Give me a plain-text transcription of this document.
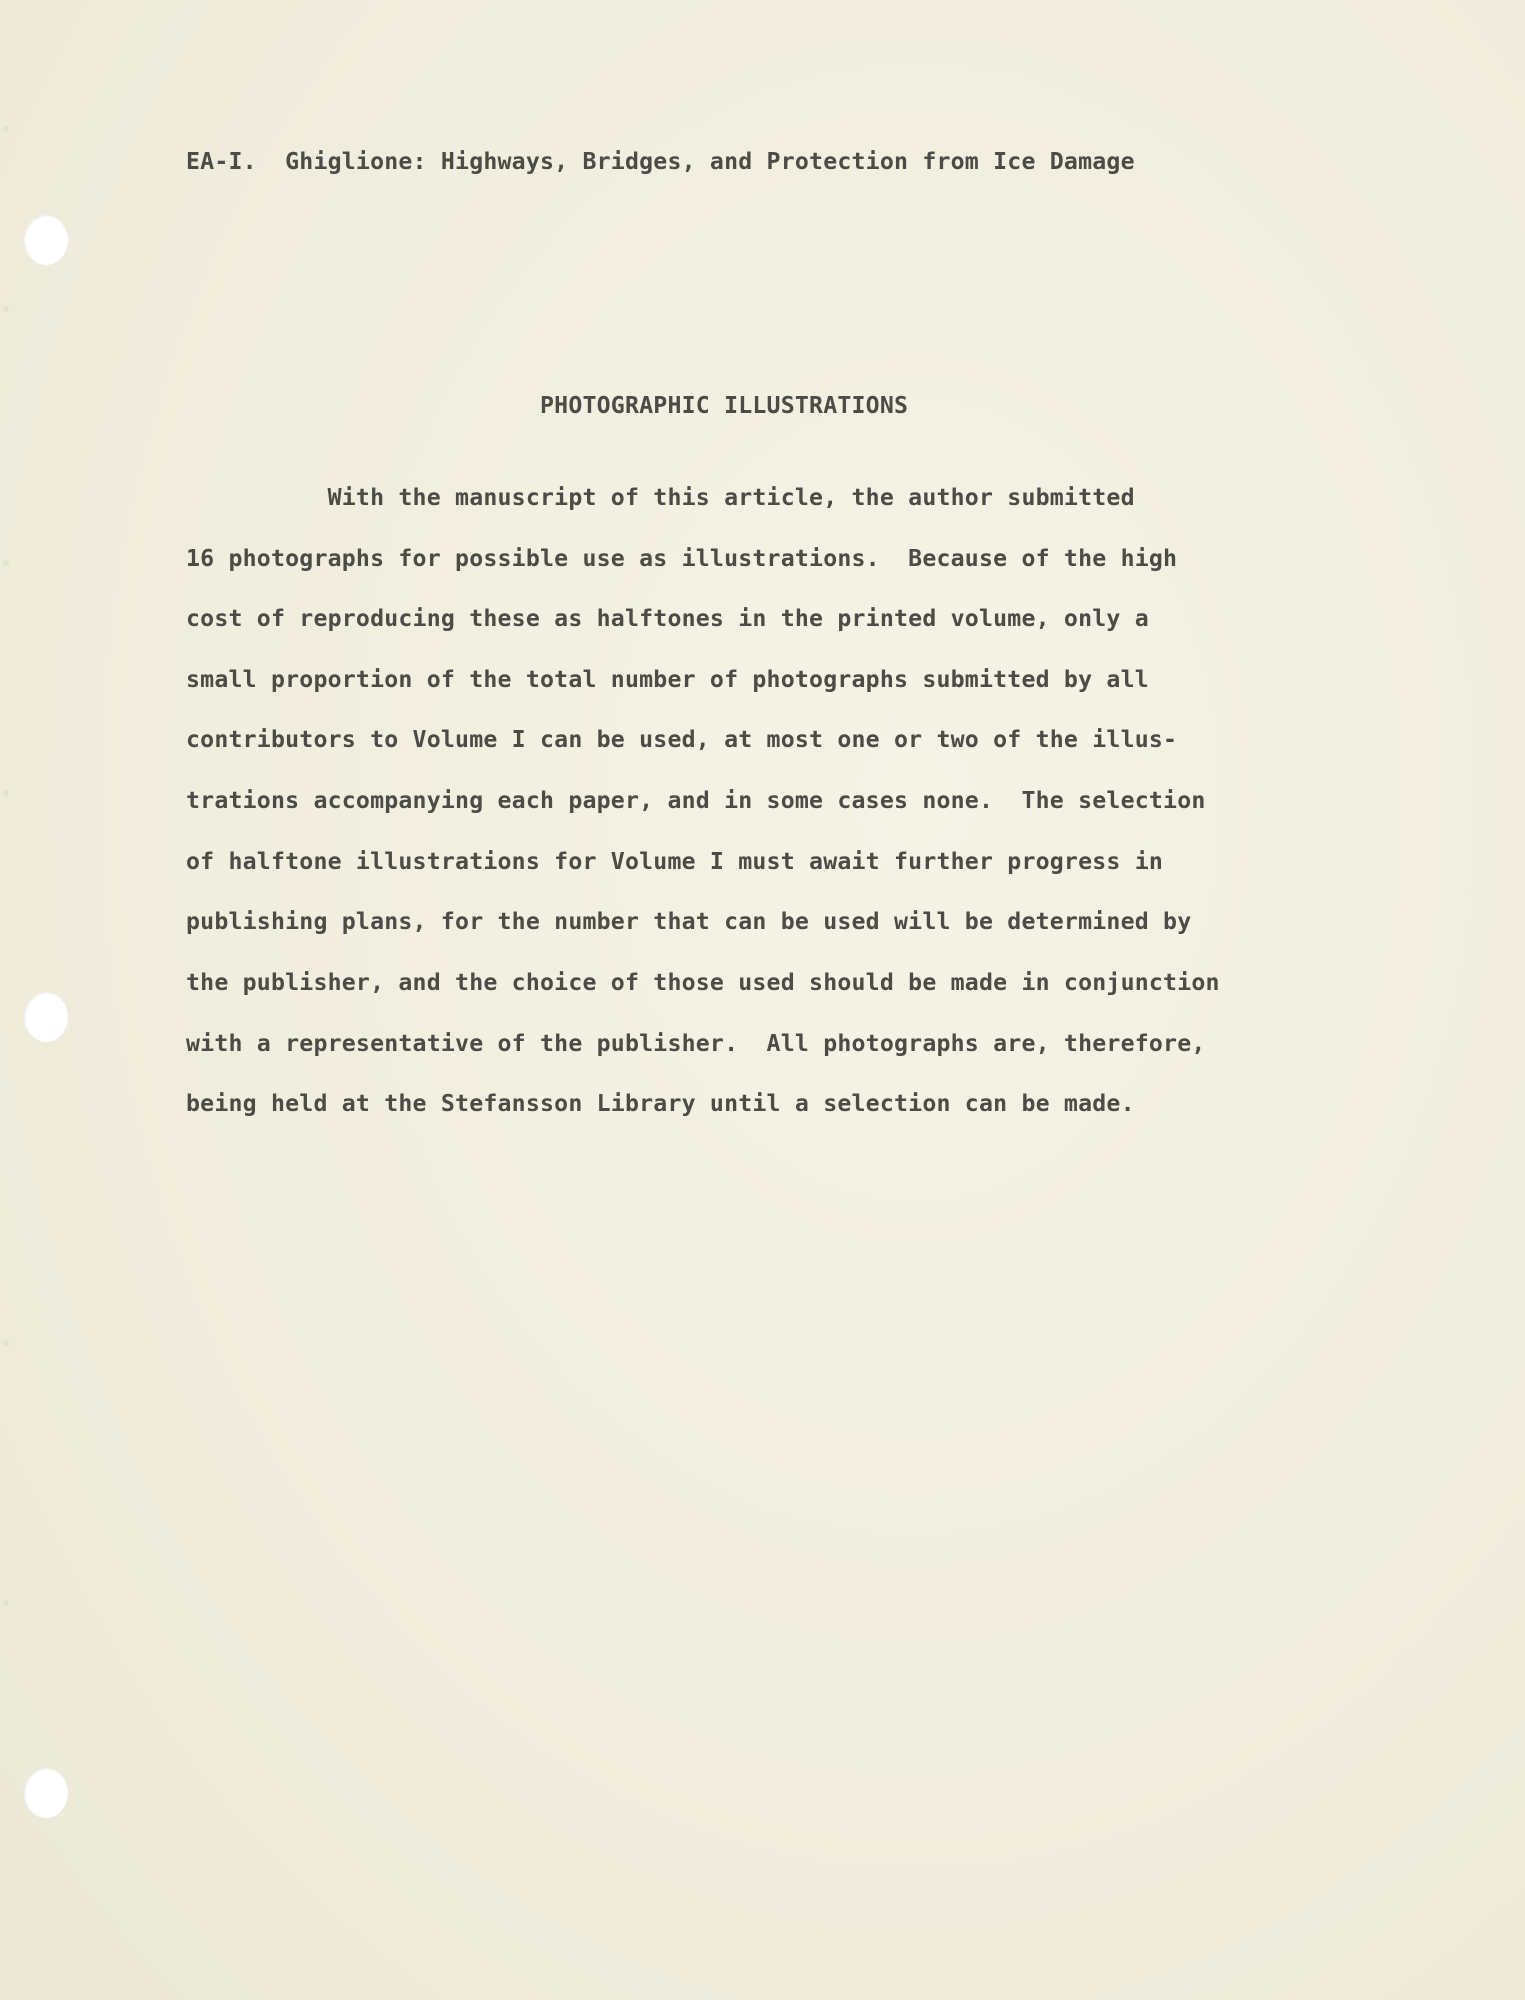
EA-I.  Ghiglione: Highways, Bridges, and Protection from Ice Damage
PHOTOGRAPHIC ILLUSTRATIONS
With the manuscript of this article, the author submitted
16 photographs for possible use as illustrations.  Because of the high
cost of reproducing these as halftones in the printed volume, only a
small proportion of the total number of photographs submitted by all
contributors to Volume I can be used, at most one or two of the illus-
trations accompanying each paper, and in some cases none.  The selection
of halftone illustrations for Volume I must await further progress in
publishing plans, for the number that can be used will be determined by
the publisher, and the choice of those used should be made in conjunction
with a representative of the publisher.  All photographs are, therefore,
being held at the Stefansson Library until a selection can be made.
